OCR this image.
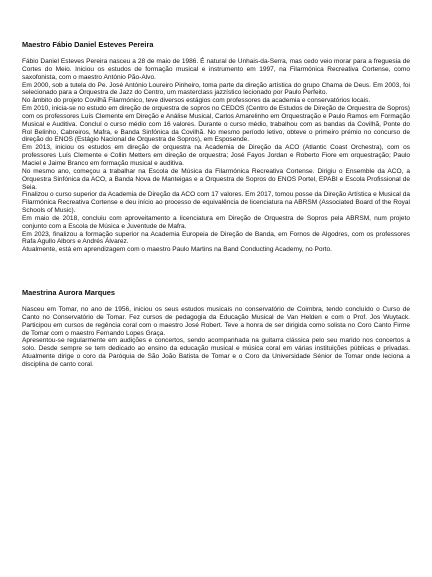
Maestro Fábio Daniel Esteves Pereira

Fábio Daniel Esteves Pereira nasceu a 28 de maio de 1986. É natural de Unhais-da-Serra, mas cedo veio morar para a freguesia de Cortes do Meio. Iniciou os estudos de formação musical e instrumento em 1997, na Filarmónica Recreativa Cortense, como saxofonista, com o maestro António Pão-Alvo.

Em 2000, sob a tutela do Pe. José António Loureiro Pinheiro, toma parte da direção artística do grupo Chama de Deus. Em 2003, foi selecionado para a Orquestra de Jazz do Centro, um masterclass jazzístico lecionado por Paulo Perfeito.

No âmbito do projeto Covilhã Filarmónico, teve diversos estágios com professores da academia e conservatórios locais.

Em 2010, inicia-se no estudo em direção de orquestra de sopros no CEDOS (Centro de Estudos de Direção de Orquestra de Sopros) com os professores Luís Clemente em Direção e Análise Musical, Carlos Amarelinho em Orquestração e Paulo Ramos em Formação Musical e Auditiva. Concluí o curso médio com 16 valores. Durante o curso médio, trabalhou com as bandas da Covilhã, Ponte do Rol Belinho, Cabreiros, Mafra, e Banda Sinfónica da Covilhã. No mesmo período letivo, obteve o primeiro prémio no concurso de direção do ENOS (Estágio Nacional de Orquestra de Sopros), em Esposende.

Em 2013, iniciou os estudos em direção de orquestra na Academia de Direção da ACO (Atlantic Coast Orchestra), com os professores Luís Clemente e Collin Metters em direção de orquestra; José Fayos Jordan e Roberto Fiore em orquestração; Paulo Maciel e Jaime Branco em formação musical e auditiva.

No mesmo ano, começou a trabalhar na Escola de Música da Filarmónica Recreativa Cortense. Dirigiu o Ensemble da ACO, a Orquestra Sinfónica da ACO, a Banda Nova de Manteigas e a Orquestra de Sopros do ENOS Portel, EPABI e Escola Profissional de Seia.

Finalizou o curso superior da Academia de Direção da ACO com 17 valores. Em 2017, tomou posse da Direção Artística e Musical da Filarmónica Recreativa Cortense e deu início ao processo de equivalência de licenciatura na ABRSM (Associated Board of the Royal Schools of Music).

Em maio de 2018, concluiu com aproveitamento a licenciatura em Direção de Orquestra de Sopros pela ABRSM, num projeto conjunto com a Escola de Música e Juventude de Mafra.

Em 2023, finalizou a formação superior na Academia Europeia de Direção de Banda, em Fornos de Algodres, com os professores Rafa Agullo Albors e Andrés Álvarez.

Atualmente, está em aprendizagem com o maestro Paulo Martins na Band Conducting Academy, no Porto.

Maestrina Aurora Marques

Nasceu em Tomar, no ano de 1956, iniciou os seus estudos musicais no conservatório de Coimbra, tendo concluído o Curso de Canto no Conservatório de Tomar. Fez cursos de pedagogia da Educação Musical de Van Helden e com o Prof. Jos Wuytack. Participou em cursos de regência coral com o maestro José Robert. Teve a honra de ser dirigida como solista no Coro Canto Firme de Tomar com o maestro Fernando Lopes Graça.

Apresentou-se regularmente em audições e concertos, sendo acompanhada na guitarra clássica pelo seu marido nos concertos a solo. Desde sempre se tem dedicado ao ensino da educação musical e música coral em várias instituições públicas e privadas. Atualmente dirige o coro da Paróquia de São João Batista de Tomar e o Coro da Universidade Sénior de Tomar onde leciona a disciplina de canto coral.
